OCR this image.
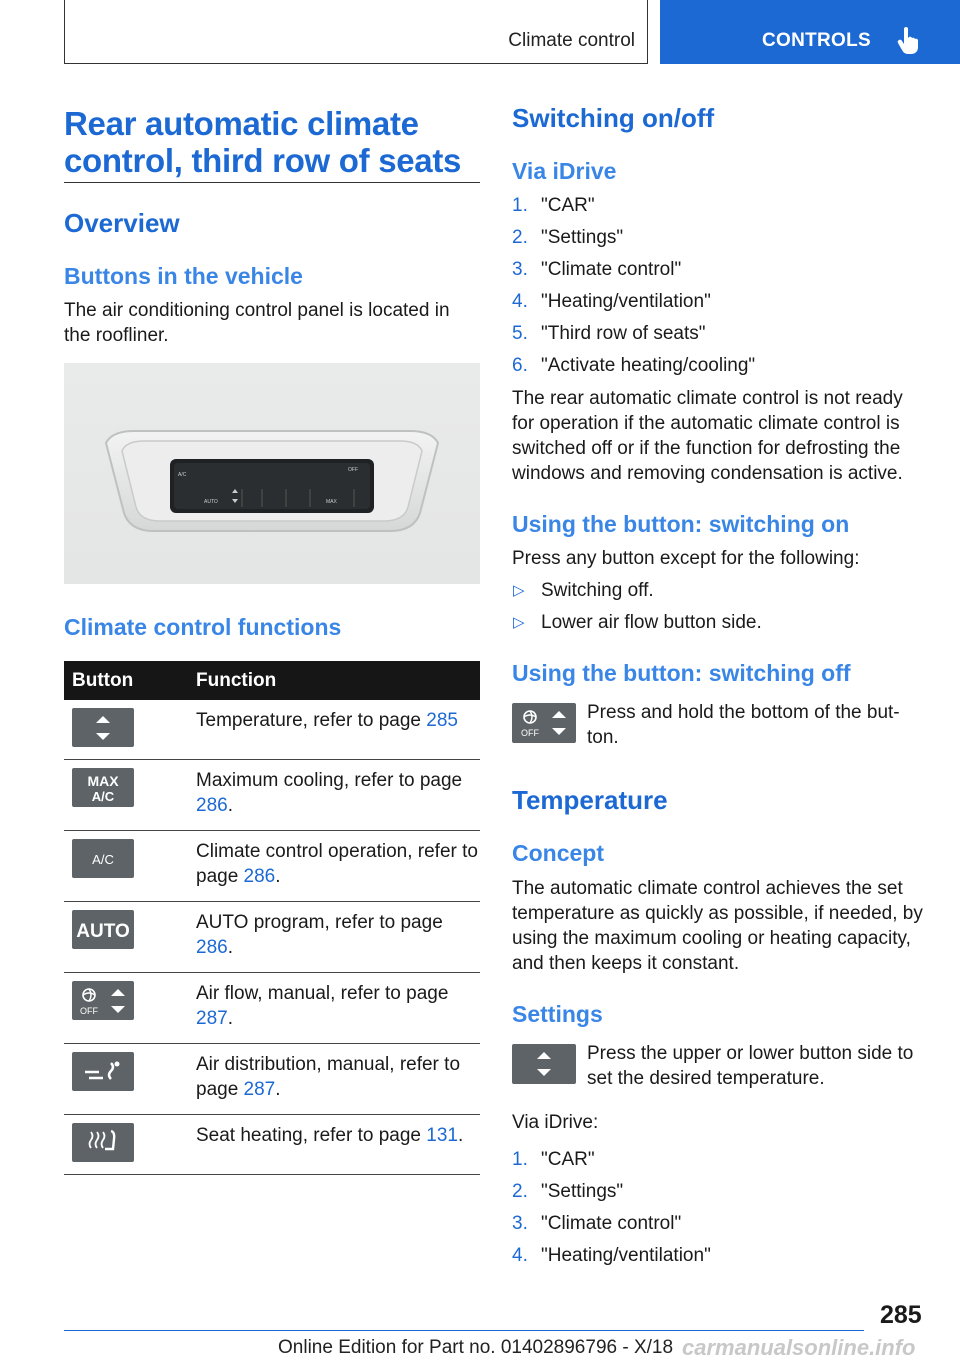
Climate control	CONTROLS
Rear automatic climate
control, third row of seats
Overview
Buttons in the vehicle
The air conditioning control panel is located in the roofliner.
A/C
OFF
AUTO	MAX
Climate control functions
Button	Function

	Temperature, refer to page 285

MAX
A/C	Maximum cooling, refer to page 286.

A/C	Climate control operation, refer to page 286.

AUTO	AUTO program, refer to page 286.

OFF	Air flow, manual, refer to page 287.

	Air distribution, manual, refer to page 287.

	Seat heating, refer to page 131.
Switching on/off
Via iDrive
1. "CAR"
2. "Settings"
3. "Climate control"
4. "Heating/ventilation"
5. "Third row of seats"
6. "Activate heating/cooling"
The rear automatic climate control is not ready for operation if the automatic climate control is switched off or if the function for defrosting the windows and removing condensation is active.
Using the button: switching on
Press any button except for the following:
▷ Switching off.
▷ Lower air flow button side.
Using the button: switching off
OFF
Press and hold the bottom of the but‐ton.
Temperature
Concept
The automatic climate control achieves the set temperature as quickly as possible, if needed, by using the maximum cooling or heating capacity, and then keeps it constant.
Settings
Press the upper or lower button side to set the desired temperature.
Via iDrive:
1. "CAR"
2. "Settings"
3. "Climate control"
4. "Heating/ventilation"
285
Online Edition for Part no. 01402896796 - X/18 carmanualsonline.info
